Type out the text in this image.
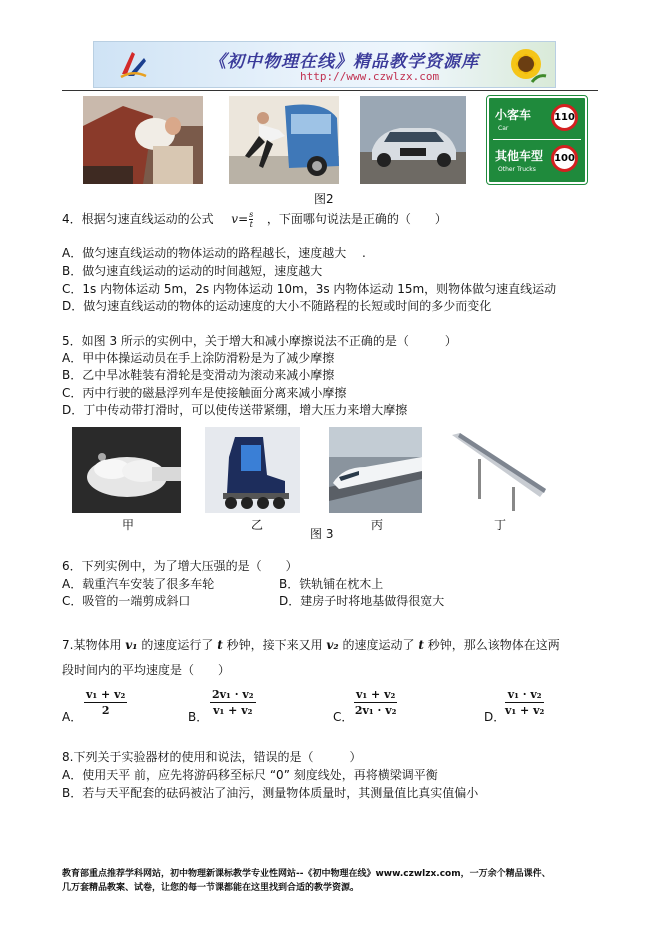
《初中物理在线》精品教学资源库
http://www.czwlzx.com
小客车
Car
110
其他车型
Other Trucks
100
图2
4．根据匀速直线运动的公式 $v= \frac{s}{t}$ ，下面哪句说法是正确的（　　）
A．做匀速直线运动的物体运动的路程越长，速度越大　 .
B．做匀速直线运动的运动的时间越短，速度越大
C．1s 内物体运动 5m，2s 内物体运动 10m，3s 内物体运动 15m，则物体做匀速直线运动
D．做匀速直线运动的物体的运动速度的大小不随路程的长短或时间的多少而变化
5．如图 3 所示的实例中，关于增大和减小摩擦说法不正确的是（　　　）
A．甲中体操运动员在手上涂防滑粉是为了减少摩擦
B．乙中旱冰鞋装有滑轮是变滑动为滚动来减小摩擦
C．丙中行驶的磁悬浮列车是使接触面分离来减小摩擦
D．丁中传动带打滑时，可以使传送带紧绷，增大压力来增大摩擦
甲	乙
图 3
丙	丁
6．下列实例中，为了增大压强的是（　　）
A．载重汽车安装了很多车轮	B．铁轨铺在枕木上
C．吸管的一端剪成斜口	D．建房子时将地基做得很宽大
7.某物体用 v₁ 的速度运行了 t 秒钟，接下来又用 v₂ 的速度运动了 t 秒钟，那么该物体在这两
段时间内的平均速度是（　　）
A． $\frac{\text{v₁ + v₂}}{2}$	B． $\frac{\text{2v₁ · v₂}}{\text{v₁ + v₂}}$	C． $\frac{\text{v₁ + v₂}}{\text{2v₁ · v₂}}$	D． $\frac{\text{v₁ · v₂}}{\text{v₁ + v₂}}$
8.下列关于实验器材的使用和说法，错误的是（　　　）
A．使用天平 前，应先将游码移至标尺 “0” 刻度线处，再将横梁调平衡
B．若与天平配套的砝码被沾了油污，测量物体质量时，其测量值比真实值偏小
教育部重点推荐学科网站，初中物理新课标教学专业性网站--《初中物理在线》www.czwlzx.com，一万余个精品课件、
几万套精品教案、试卷，让您的每一节课都能在这里找到合适的教学资源。
